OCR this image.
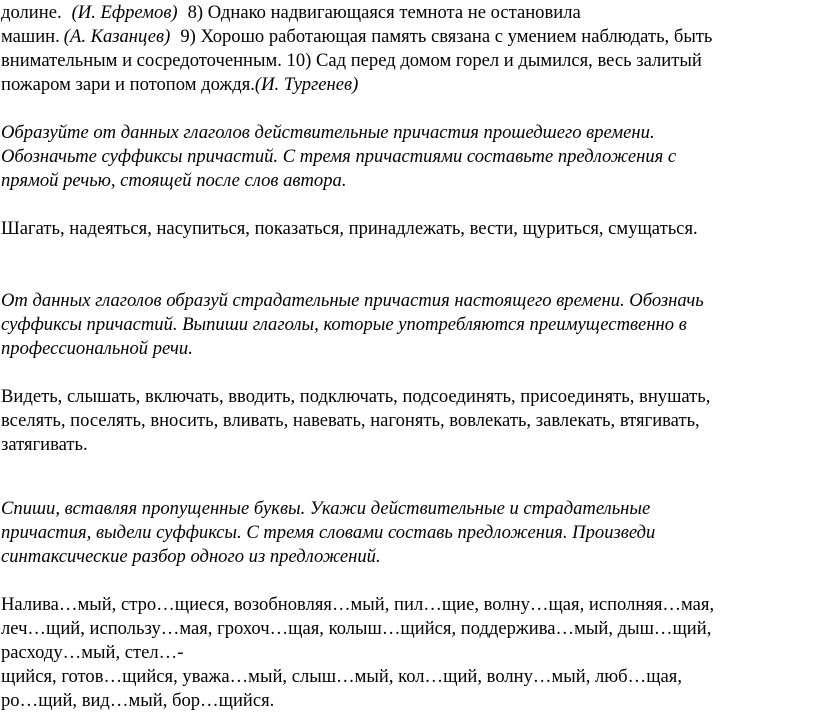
долине. (И. Ефремов) 8) Однако надвигающаяся темнота не остановила
машин. (А. Казанцев) 9) Хорошо работающая память связана с умением наблюдать, быть
внимательным и сосредоточенным. 10) Сад перед домом горел и дымился, весь залитый
пожаром зари и потопом дождя.(И. Тургенев)
Образуйте от данных глаголов действительные причастия прошедшего времени.
Обозначьте суффиксы причастий. С тремя причастиями составьте предложения с
прямой речью, стоящей после слов автора.
Шагать, надеяться, насупиться, показаться, принадлежать, вести, щуриться, смущаться.
От данных глаголов образуй страдательные причастия настоящего времени. Обозначь
суффиксы причастий. Выпиши глаголы, которые употребляются преимущественно в
профессиональной речи.
Видеть, слышать, включать, вводить, подключать, подсоединять, присоединять, внушать,
вселять, поселять, вносить, вливать, навевать, нагонять, вовлекать, завлекать, втягивать,
затягивать.
Спиши, вставляя пропущенные буквы. Укажи действительные и страдательные
причастия, выдели суффиксы. С тремя словами составь предложения. Произведи
синтаксические разбор одного из предложений.
Налива…мый, стро…щиеся, возобновляя…мый, пил…щие, волну…щая, исполняя…мая,
леч…щий, использу…мая, грохоч…щая, колыш…щийся, поддержива…мый, дыш…щий,
расходу…мый, стел…-
щийся, готов…щийся, уважа…мый, слыш…мый, кол…щий, волну…мый, люб…щая,
ро…щий, вид…мый, бор…щийся.
